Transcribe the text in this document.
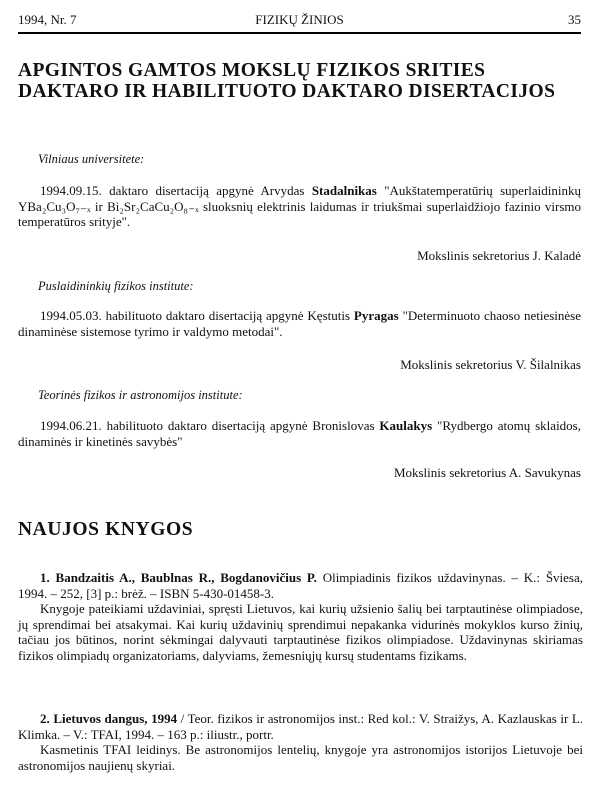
1994, Nr. 7	FIZIKŲ ŽINIOS	35
APGINTOS GAMTOS MOKSLŲ FIZIKOS SRITIES DAKTARO IR HABILITUOTO DAKTARO DISERTACIJOS
Vilniaus universitete:

1994.09.15. daktaro disertaciją apgynė Arvydas Stadalnikas "Aukštatemperatūrių superlaidininkų YBa₂Cu₃O₇₋ₓ ir Bi₂Sr₂CaCu₂O₈₋ₓ sluoksnių elektrinis laidumas ir triukšmai superlaidžiojo fazinio virsmo temperatūros srityje".

Mokslinis sekretorius J. Kaladė
Puslaidininkių fizikos institute:

1994.05.03. habilituoto daktaro disertaciją apgynė Kęstutis Pyragas "Determinuoto chaoso netiesinėse dinaminėse sistemose tyrimo ir valdymo metodai".

Mokslinis sekretorius V. Šilalnikas
Teorinės fizikos ir astronomijos institute:

1994.06.21. habilituoto daktaro disertaciją apgynė Bronislovas Kaulakys "Rydbergo atomų sklaidos, dinaminės ir kinetinės savybės"

Mokslinis sekretorius A. Savukynas
NAUJOS KNYGOS
1. Bandzaitis A., Baublnas R., Bogdanovičius P. Olimpiadinis fizikos uždavinynas. – K.: Šviesa, 1994. – 252, [3] p.: brėž. – ISBN 5-430-01458-3.
Knygoje pateikiami uždaviniai, spręsti Lietuvos, kai kurių užsienio šalių bei tarptautinėse olimpiadose, jų sprendimai bei atsakymai. Kai kurių uždavinių sprendimui nepakanka vidurinės mokyklos kurso žinių, tačiau jos būtinos, norint sėkmingai dalyvauti tarptautinėse fizikos olimpiadose. Uždavinynas skiriamas fizikos olimpiadų organizatoriams, dalyviams, žemesniųjų kursų studentams fizikams.
2. Lietuvos dangus, 1994 / Teor. fizikos ir astronomijos inst.: Red kol.: V. Straižys, A. Kazlauskas ir L. Klimka. – V.: TFAI, 1994. – 163 p.: iliustr., portr.
Kasmetinis TFAI leidinys. Be astronomijos lentelių, knygoje yra astronomijos istorijos Lietuvoje bei astronomijos naujienų skyriai.
